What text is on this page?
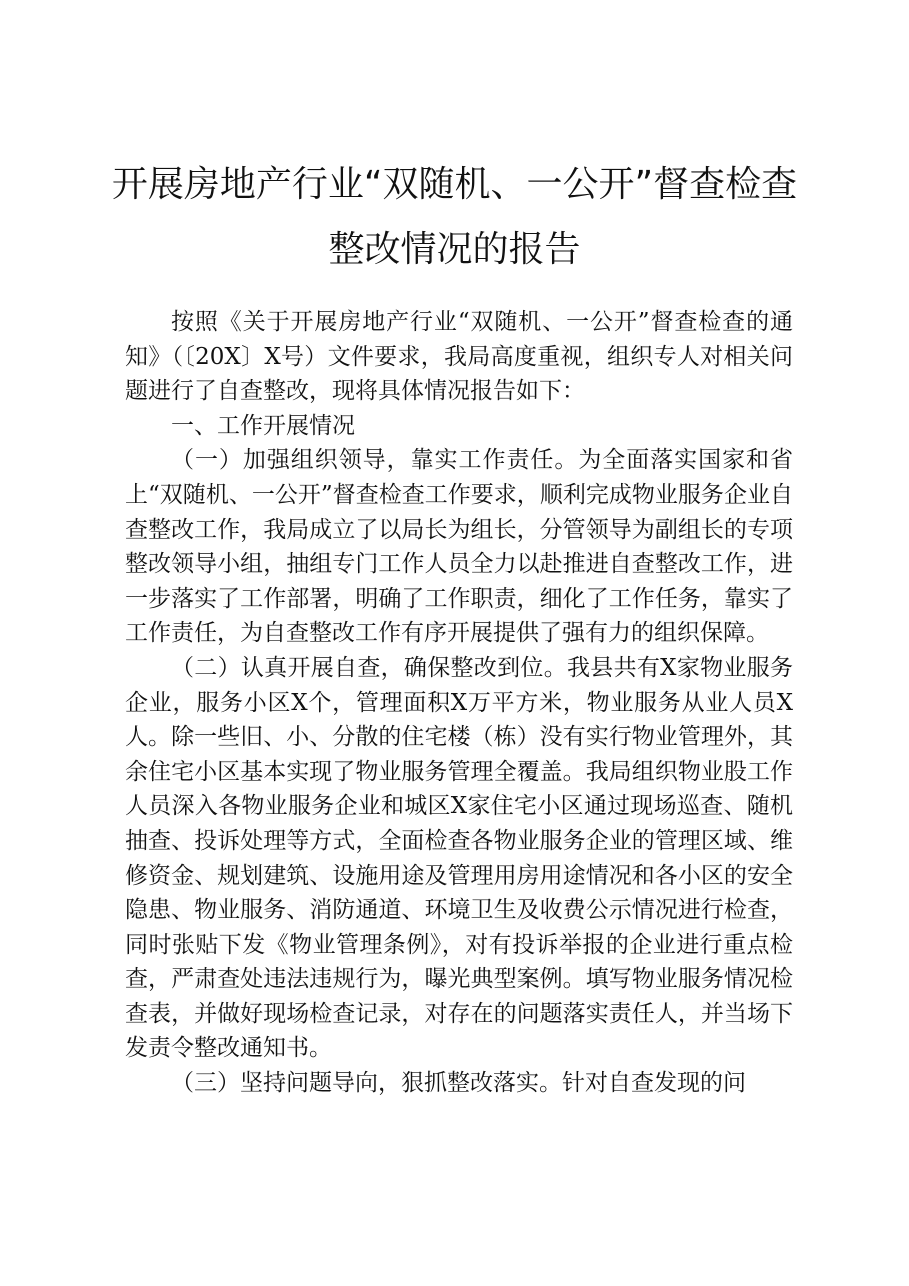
开展房地产行业“双随机、一公开”督查检查
整改情况的报告

按照《关于开展房地产行业“双随机、一公开”督查检查的通知》（〔20X〕X号）文件要求，我局高度重视，组织专人对相关问题进行了自查整改，现将具体情况报告如下：

一、工作开展情况

（一）加强组织领导，靠实工作责任。为全面落实国家和省上“双随机、一公开”督查检查工作要求，顺利完成物业服务企业自查整改工作，我局成立了以局长为组长，分管领导为副组长的专项整改领导小组，抽组专门工作人员全力以赴推进自查整改工作，进一步落实了工作部署，明确了工作职责，细化了工作任务，靠实了工作责任，为自查整改工作有序开展提供了强有力的组织保障。

（二）认真开展自查，确保整改到位。我县共有X家物业服务企业，服务小区X个，管理面积X万平方米，物业服务从业人员X人。除一些旧、小、分散的住宅楼（栋）没有实行物业管理外，其余住宅小区基本实现了物业服务管理全覆盖。我局组织物业股工作人员深入各物业服务企业和城区X家住宅小区通过现场巡查、随机抽查、投诉处理等方式，全面检查各物业服务企业的管理区域、维修资金、规划建筑、设施用途及管理用房用途情况和各小区的安全隐患、物业服务、消防通道、环境卫生及收费公示情况进行检查，同时张贴下发《物业管理条例》，对有投诉举报的企业进行重点检查，严肃查处违法违规行为，曝光典型案例。填写物业服务情况检查表，并做好现场检查记录，对存在的问题落实责任人，并当场下发责令整改通知书。

（三）坚持问题导向，狠抓整改落实。针对自查发现的问
